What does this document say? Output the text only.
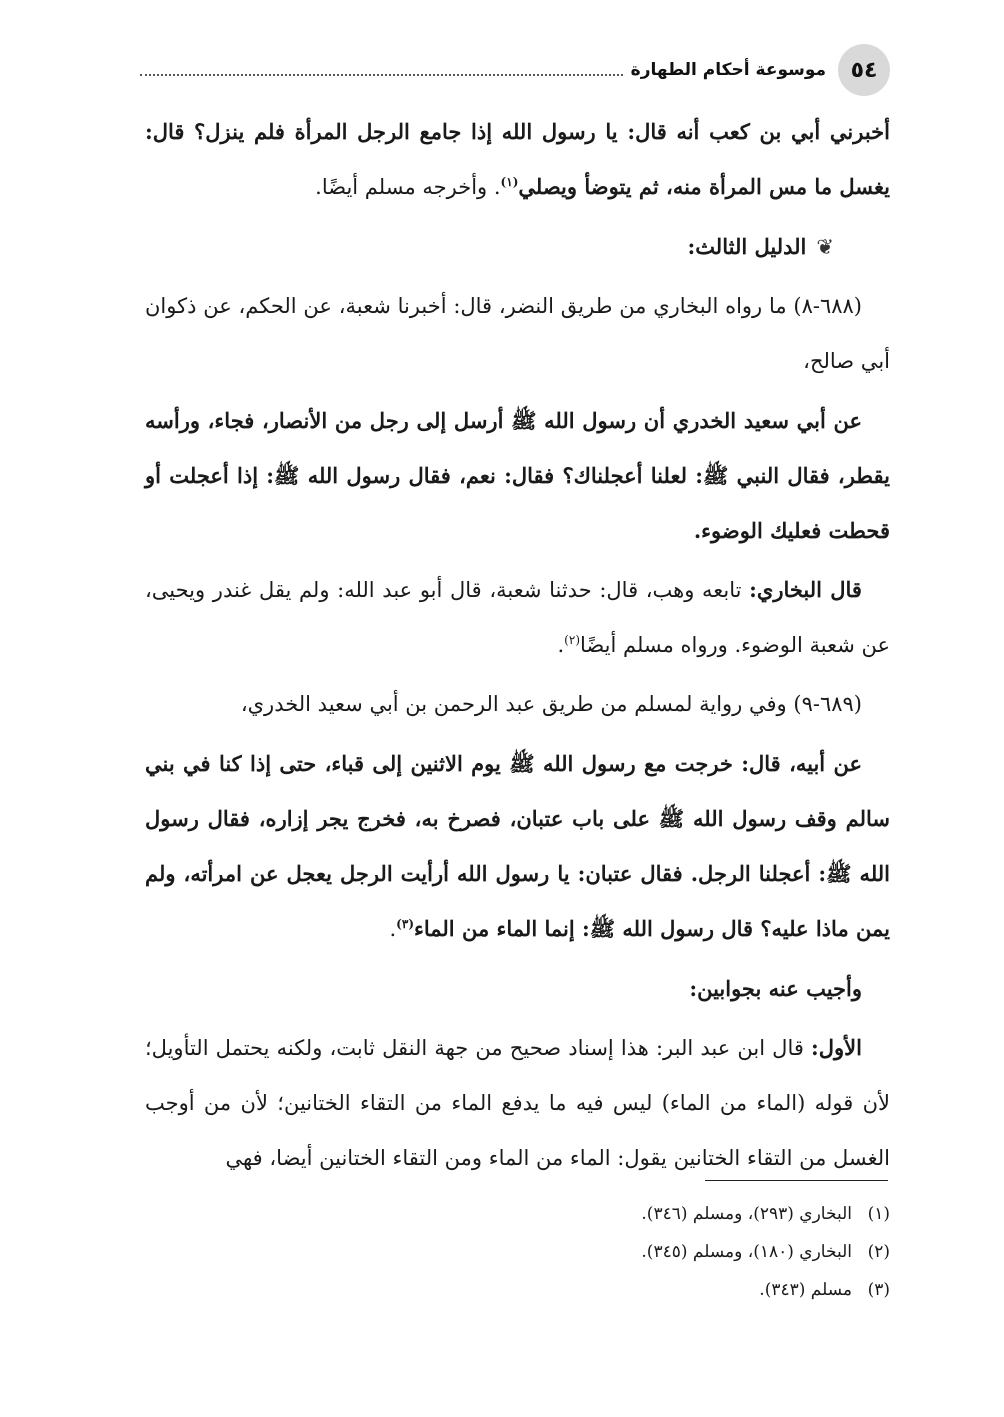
٥٤
موسوعة أحكام الطهارة

أخبرني أبي بن كعب أنه قال: يا رسول الله إذا جامع الرجل المرأة فلم ينزل؟ قال: يغسل ما مس المرأة منه، ثم يتوضأ ويصلي$^{(١)}$. وأخرجه مسلم أيضًا.

❦الدليل الثالث:

(٦٨٨-٨) ما رواه البخاري من طريق النضر، قال: أخبرنا شعبة، عن الحكم، عن ذكوان أبي صالح،

عن أبي سعيد الخدري أن رسول الله ﷺ أرسل إلى رجل من الأنصار، فجاء، ورأسه يقطر، فقال النبي ﷺ: لعلنا أعجلناك؟ فقال: نعم، فقال رسول الله ﷺ: إذا أعجلت أو قحطت فعليك الوضوء.

قال البخاري: تابعه وهب، قال: حدثنا شعبة، قال أبو عبد الله: ولم يقل غندر ويحيى، عن شعبة الوضوء. ورواه مسلم أيضًا$^{(٢)}$.

(٦٨٩-٩) وفي رواية لمسلم من طريق عبد الرحمن بن أبي سعيد الخدري،

عن أبيه، قال: خرجت مع رسول الله ﷺ يوم الاثنين إلى قباء، حتى إذا كنا في بني سالم وقف رسول الله ﷺ على باب عتبان، فصرخ به، فخرج يجر إزاره، فقال رسول الله ﷺ: أعجلنا الرجل. فقال عتبان: يا رسول الله أرأيت الرجل يعجل عن امرأته، ولم يمن ماذا عليه؟ قال رسول الله ﷺ: إنما الماء من الماء$^{(٣)}$.

وأجيب عنه بجوابين:

الأول: قال ابن عبد البر: هذا إسناد صحيح من جهة النقل ثابت، ولكنه يحتمل التأويل؛ لأن قوله (الماء من الماء) ليس فيه ما يدفع الماء من التقاء الختانين؛ لأن من أوجب الغسل من التقاء الختانين يقول: الماء من الماء ومن التقاء الختانين أيضا، فهي

(١)البخاري (٢٩٣)، ومسلم (٣٤٦).
(٢)البخاري (١٨٠)، ومسلم (٣٤٥).
(٣)مسلم (٣٤٣).
